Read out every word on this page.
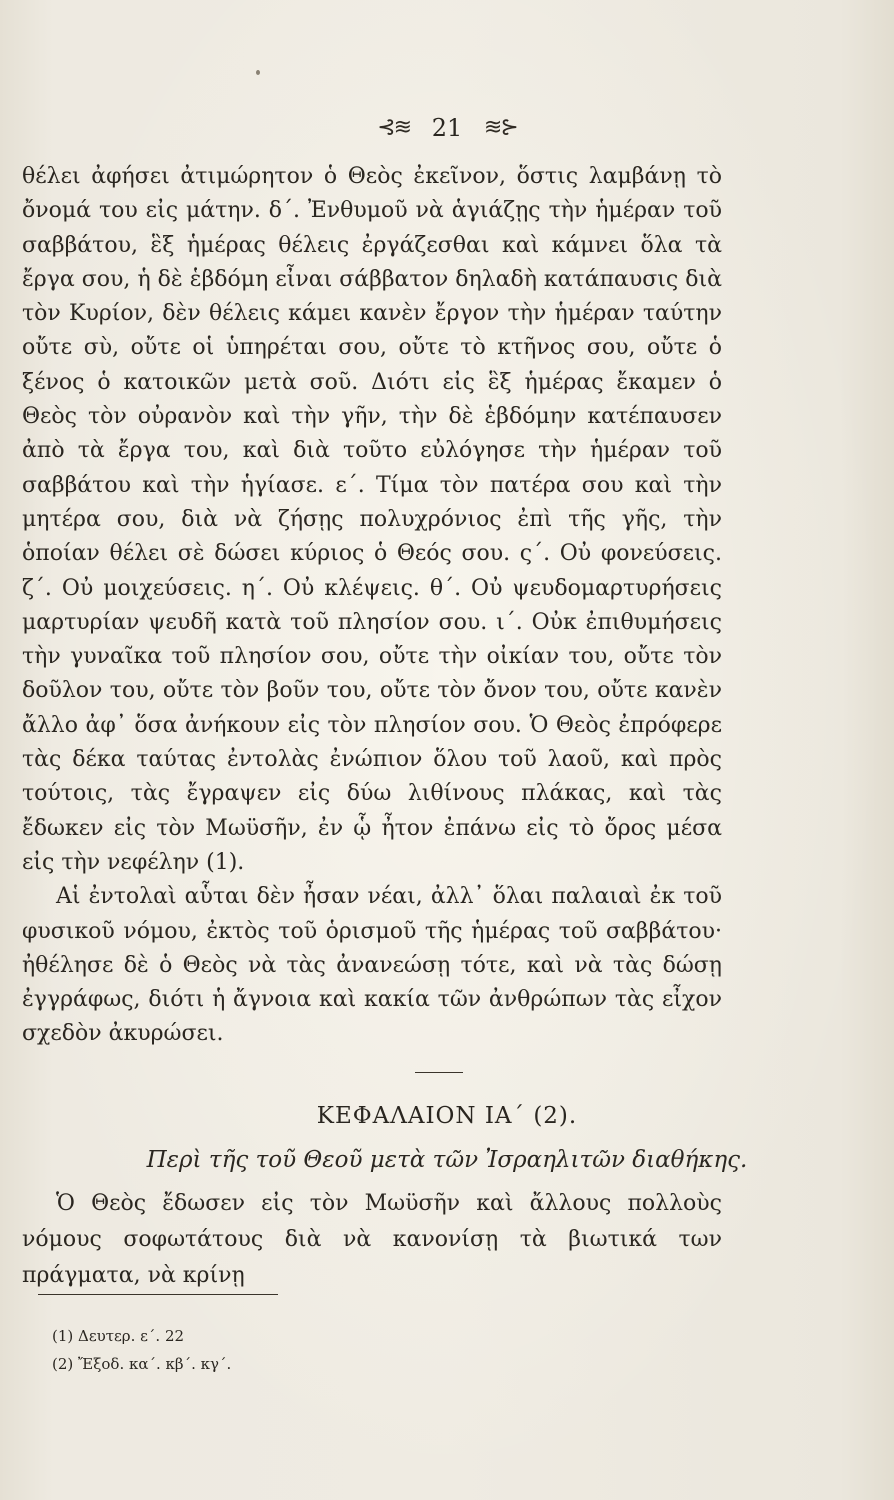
⊰≋ 21 ≋⊱

θέλει ἀφήσει ἀτιμώρητον ὁ Θεὸς ἐκεῖνον, ὅστις λαμβάνῃ τὸ ὄνομά του εἰς μάτην. δ΄. Ἐνθυμοῦ νὰ ἁγιάζῃς τὴν ἡμέραν τοῦ σαββάτου, ἓξ ἡμέρας θέλεις ἐργάζεσθαι καὶ κάμνει ὅλα τὰ ἔργα σου, ἡ δὲ ἑβδόμη εἶναι σάββατον δηλαδὴ κατάπαυσις διὰ τὸν Κυρίον, δὲν θέλεις κάμει κανὲν ἔργον τὴν ἡμέραν ταύτην οὔτε σὺ, οὔτε οἱ ὑπηρέται σου, οὔτε τὸ κτῆνος σου, οὔτε ὁ ξένος ὁ κατοικῶν μετὰ σοῦ. Διότι εἰς ἓξ ἡμέρας ἔκαμεν ὁ Θεὸς τὸν οὐρανὸν καὶ τὴν γῆν, τὴν δὲ ἑβδόμην κατέπαυσεν ἀπὸ τὰ ἔργα του, καὶ διὰ τοῦτο εὐλόγησε τὴν ἡμέραν τοῦ σαββάτου καὶ τὴν ἡγίασε. ε΄. Τίμα τὸν πατέρα σου καὶ τὴν μητέρα σου, διὰ νὰ ζήσῃς πολυχρόνιος ἐπὶ τῆς γῆς, τὴν ὁποίαν θέλει σὲ δώσει κύριος ὁ Θεός σου. ς΄. Οὐ φονεύσεις. ζ΄. Οὐ μοιχεύσεις. η΄. Οὐ κλέψεις. θ΄. Οὐ ψευδομαρτυρήσεις μαρτυρίαν ψευδῆ κατὰ τοῦ πλησίον σου. ι΄. Οὐκ ἐπιθυμήσεις τὴν γυναῖκα τοῦ πλησίον σου, οὔτε τὴν οἰκίαν του, οὔτε τὸν δοῦλον του, οὔτε τὸν βοῦν του, οὔτε τὸν ὄνον του, οὔτε κανὲν ἄλλο ἀφ᾽ ὅσα ἀνήκουν εἰς τὸν πλησίον σου. Ὁ Θεὸς ἐπρόφερε τὰς δέκα ταύτας ἐντολὰς ἐνώπιον ὅλου τοῦ λαοῦ, καὶ πρὸς τούτοις, τὰς ἔγραψεν εἰς δύω λιθίνους πλάκας, καὶ τὰς ἔδωκεν εἰς τὸν Μωϋσῆν, ἐν ᾧ ἦτον ἐπάνω εἰς τὸ ὄρος μέσα εἰς τὴν νεφέλην (1).

Αἱ ἐντολαὶ αὗται δὲν ἦσαν νέαι, ἀλλ᾽ ὅλαι παλαιαὶ ἐκ τοῦ φυσικοῦ νόμου, ἐκτὸς τοῦ ὁρισμοῦ τῆς ἡμέρας τοῦ σαββάτου· ἠθέλησε δὲ ὁ Θεὸς νὰ τὰς ἀνανεώσῃ τότε, καὶ νὰ τὰς δώσῃ ἐγγράφως, διότι ἡ ἄγνοια καὶ κακία τῶν ἀνθρώπων τὰς εἶχον σχεδὸν ἀκυρώσει.

ΚΕΦΑΛΑΙΟΝ ΙΑ΄ (2).
Περὶ τῆς τοῦ Θεοῦ μετὰ τῶν Ἰσραηλιτῶν διαθήκης.

Ὁ Θεὸς ἔδωσεν εἰς τὸν Μωϋσῆν καὶ ἄλλους πολλοὺς νόμους σοφωτάτους διὰ νὰ κανονίσῃ τὰ βιωτικά των πράγματα, νὰ κρίνῃ

(1) Δευτερ. ε΄. 22
(2) Ἔξοδ. κα΄. κβ΄. κγ΄.
